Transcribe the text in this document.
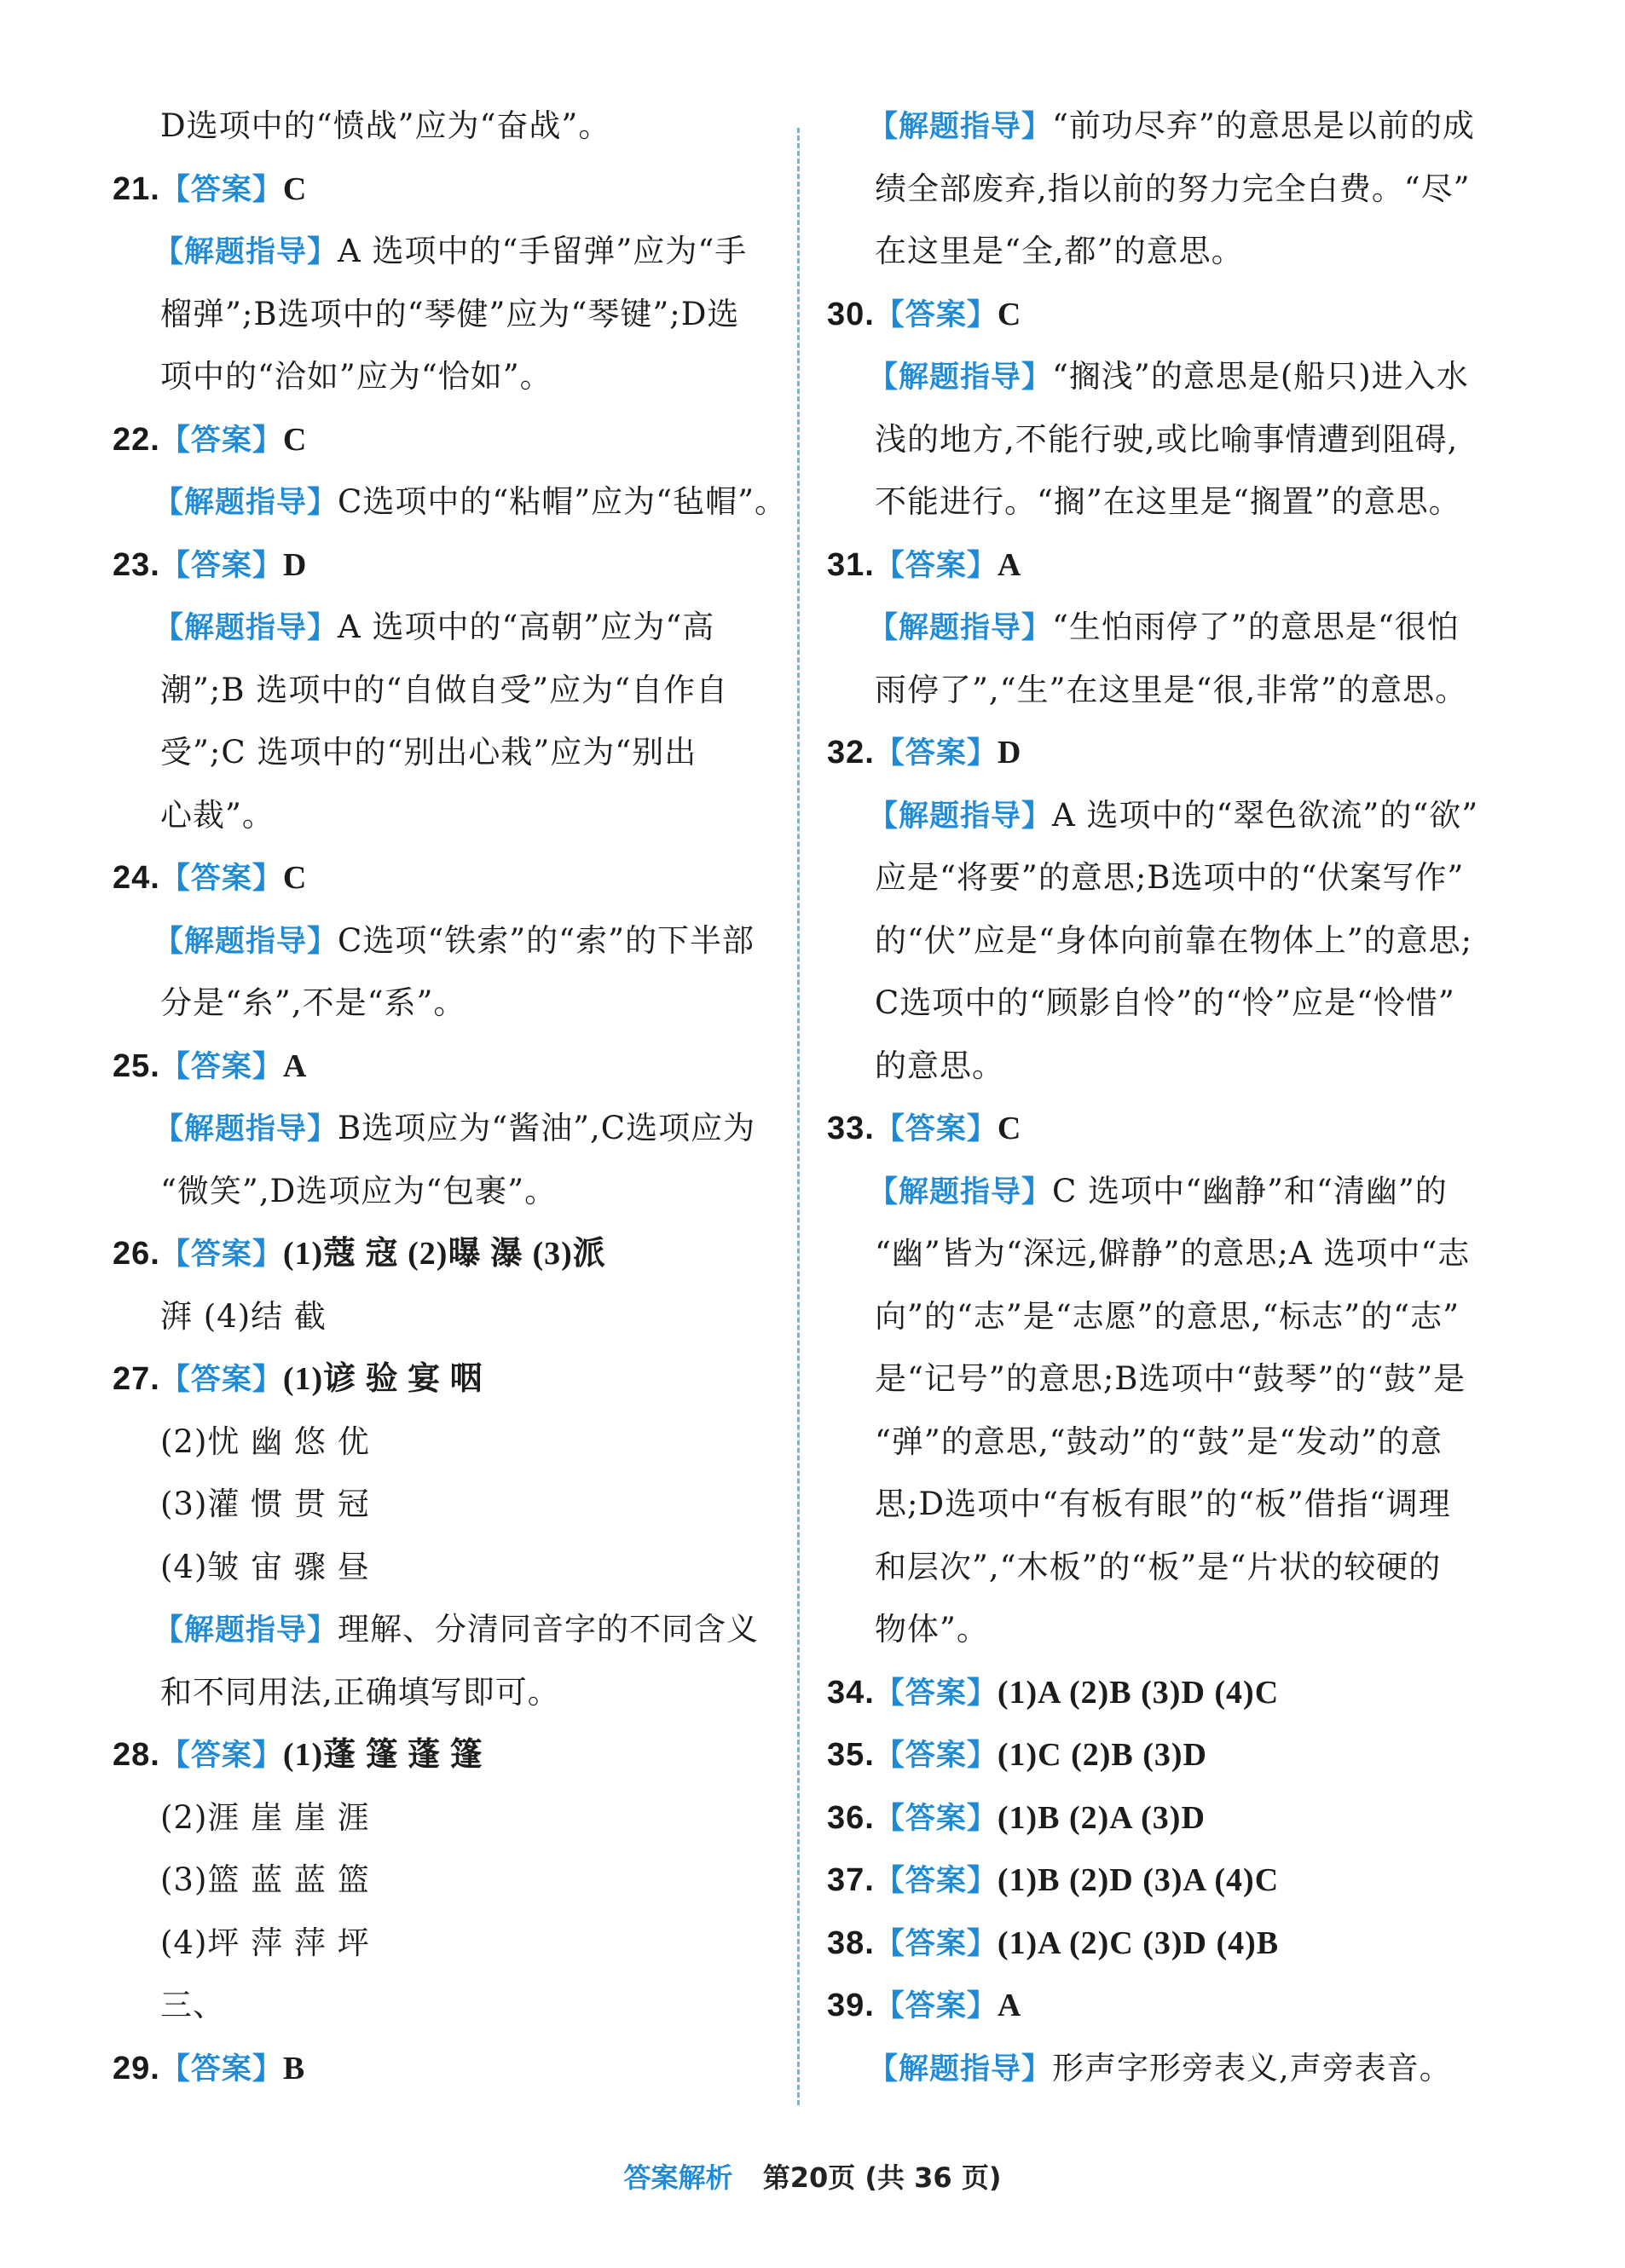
D选项中的“愤战”应为“奋战”。
21.【答案】C
【解题指导】A 选项中的“手留弹”应为“手
榴弹”;B选项中的“琴健”应为“琴键”;D选
项中的“洽如”应为“恰如”。
22.【答案】C
【解题指导】C选项中的“粘帽”应为“毡帽”。
23.【答案】D
【解题指导】A 选项中的“高朝”应为“高
潮”;B 选项中的“自做自受”应为“自作自
受”;C 选项中的“别出心栽”应为“别出
心裁”。
24.【答案】C
【解题指导】C选项“铁索”的“索”的下半部
分是“糸”,不是“系”。
25.【答案】A
【解题指导】B选项应为“酱油”,C选项应为
“微笑”,D选项应为“包裹”。
26.【答案】(1)蔻 寇 (2)曝 瀑 (3)派
湃 (4)结 截
27.【答案】(1)谚 验 宴 咽
(2)忧 幽 悠 优
(3)灌 惯 贯 冠
(4)皱 宙 骤 昼
【解题指导】理解、分清同音字的不同含义
和不同用法,正确填写即可。
28.【答案】(1)蓬 篷 蓬 篷
(2)涯 崖 崖 涯
(3)篮 蓝 蓝 篮
(4)坪 萍 萍 坪
三、
29.【答案】B
【解题指导】“前功尽弃”的意思是以前的成
绩全部废弃,指以前的努力完全白费。“尽”
在这里是“全,都”的意思。
30.【答案】C
【解题指导】“搁浅”的意思是(船只)进入水
浅的地方,不能行驶,或比喻事情遭到阻碍,
不能进行。“搁”在这里是“搁置”的意思。
31.【答案】A
【解题指导】“生怕雨停了”的意思是“很怕
雨停了”,“生”在这里是“很,非常”的意思。
32.【答案】D
【解题指导】A 选项中的“翠色欲流”的“欲”
应是“将要”的意思;B选项中的“伏案写作”
的“伏”应是“身体向前靠在物体上”的意思;
C选项中的“顾影自怜”的“怜”应是“怜惜”
的意思。
33.【答案】C
【解题指导】C 选项中“幽静”和“清幽”的
“幽”皆为“深远,僻静”的意思;A 选项中“志
向”的“志”是“志愿”的意思,“标志”的“志”
是“记号”的意思;B选项中“鼓琴”的“鼓”是
“弹”的意思,“鼓动”的“鼓”是“发动”的意
思;D选项中“有板有眼”的“板”借指“调理
和层次”,“木板”的“板”是“片状的较硬的
物体”。
34.【答案】(1)A (2)B (3)D (4)C
35.【答案】(1)C (2)B (3)D
36.【答案】(1)B (2)A (3)D
37.【答案】(1)B (2)D (3)A (4)C
38.【答案】(1)A (2)C (3)D (4)B
39.【答案】A
【解题指导】形声字形旁表义,声旁表音。
答案解析 第20页 (共 36 页)
